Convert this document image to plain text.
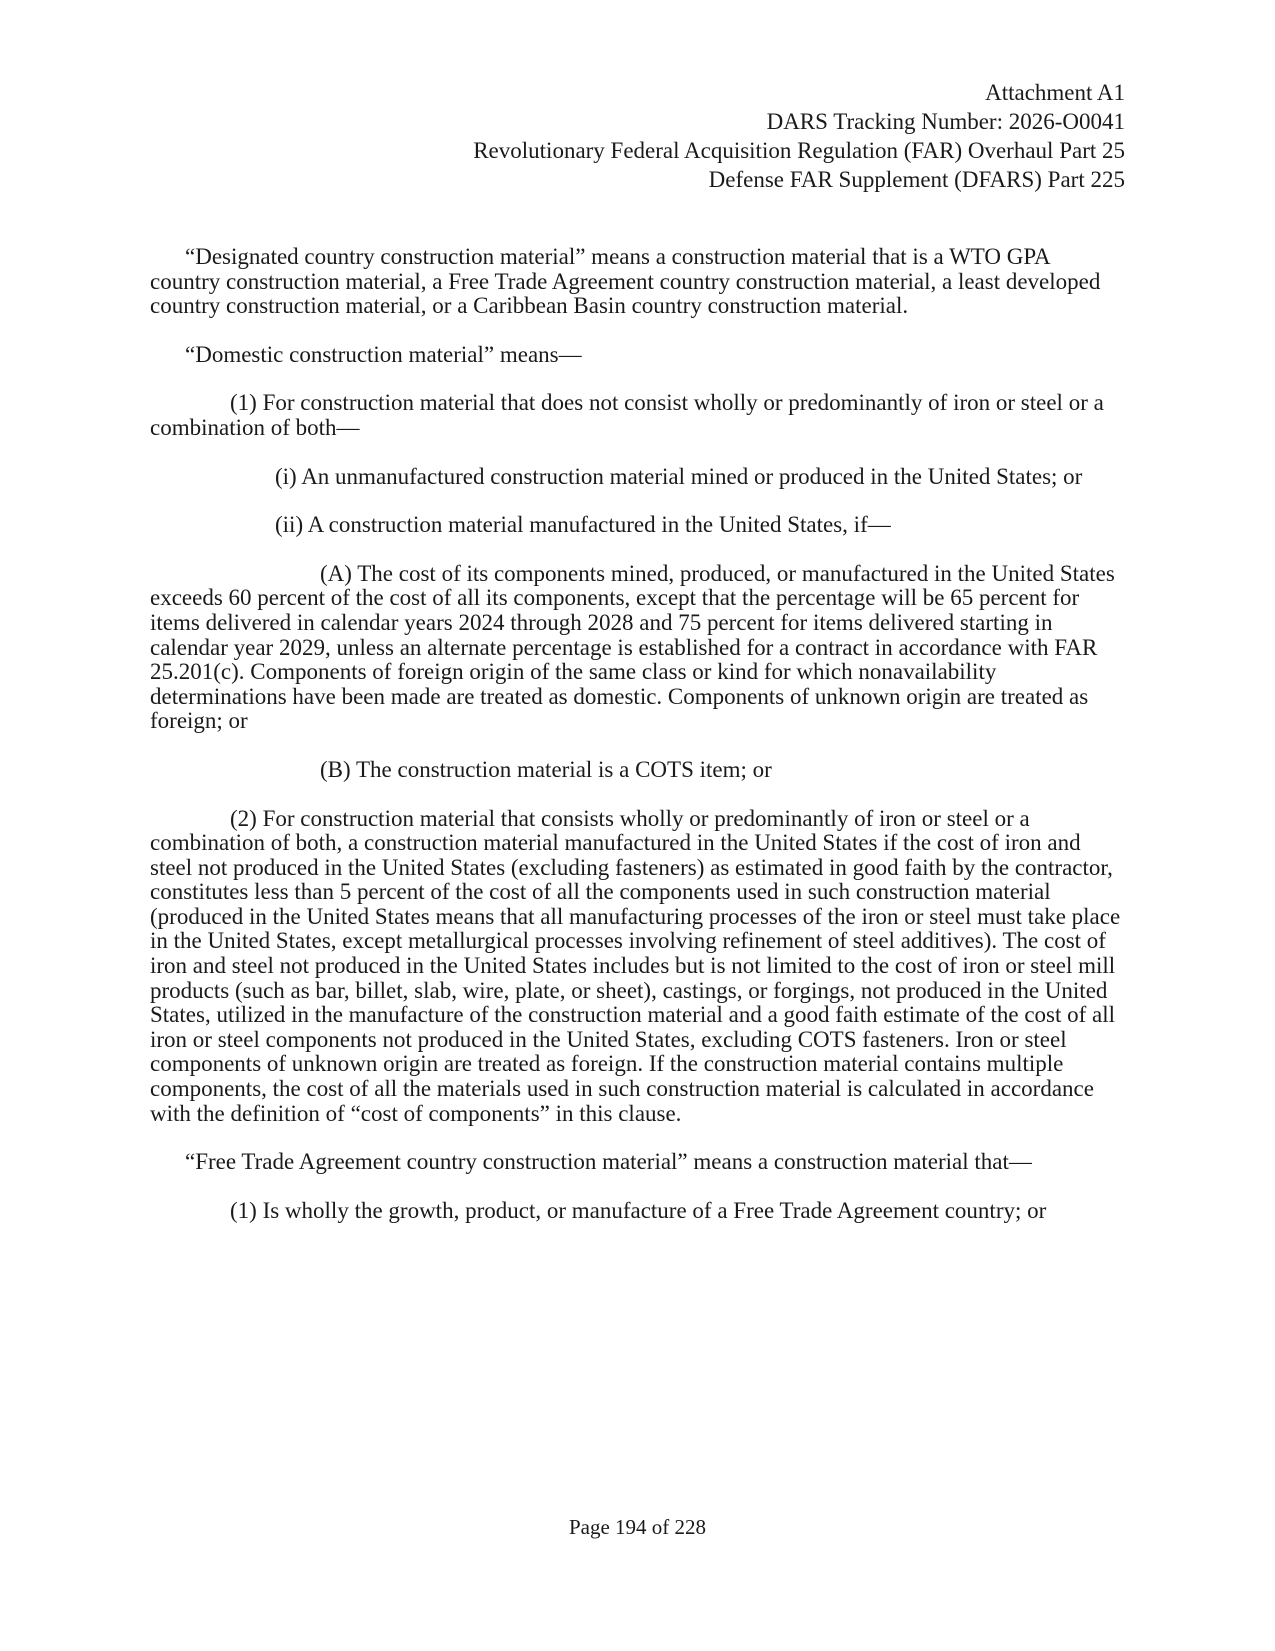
Attachment A1
DARS Tracking Number: 2026-O0041
Revolutionary Federal Acquisition Regulation (FAR) Overhaul Part 25
Defense FAR Supplement (DFARS) Part 225

“Designated country construction material” means a construction material that is a WTO GPA country construction material, a Free Trade Agreement country construction material, a least developed country construction material, or a Caribbean Basin country construction material.

“Domestic construction material” means—

(1) For construction material that does not consist wholly or predominantly of iron or steel or a combination of both—

(i) An unmanufactured construction material mined or produced in the United States; or

(ii) A construction material manufactured in the United States, if—

(A) The cost of its components mined, produced, or manufactured in the United States exceeds 60 percent of the cost of all its components, except that the percentage will be 65 percent for items delivered in calendar years 2024 through 2028 and 75 percent for items delivered starting in calendar year 2029, unless an alternate percentage is established for a contract in accordance with FAR 25.201(c). Components of foreign origin of the same class or kind for which nonavailability determinations have been made are treated as domestic. Components of unknown origin are treated as foreign; or

(B) The construction material is a COTS item; or

(2) For construction material that consists wholly or predominantly of iron or steel or a combination of both, a construction material manufactured in the United States if the cost of iron and steel not produced in the United States (excluding fasteners) as estimated in good faith by the contractor, constitutes less than 5 percent of the cost of all the components used in such construction material (produced in the United States means that all manufacturing processes of the iron or steel must take place in the United States, except metallurgical processes involving refinement of steel additives). The cost of iron and steel not produced in the United States includes but is not limited to the cost of iron or steel mill products (such as bar, billet, slab, wire, plate, or sheet), castings, or forgings, not produced in the United States, utilized in the manufacture of the construction material and a good faith estimate of the cost of all iron or steel components not produced in the United States, excluding COTS fasteners. Iron or steel components of unknown origin are treated as foreign. If the construction material contains multiple components, the cost of all the materials used in such construction material is calculated in accordance with the definition of “cost of components” in this clause.

“Free Trade Agreement country construction material” means a construction material that—

(1) Is wholly the growth, product, or manufacture of a Free Trade Agreement country; or

Page 194 of 228
